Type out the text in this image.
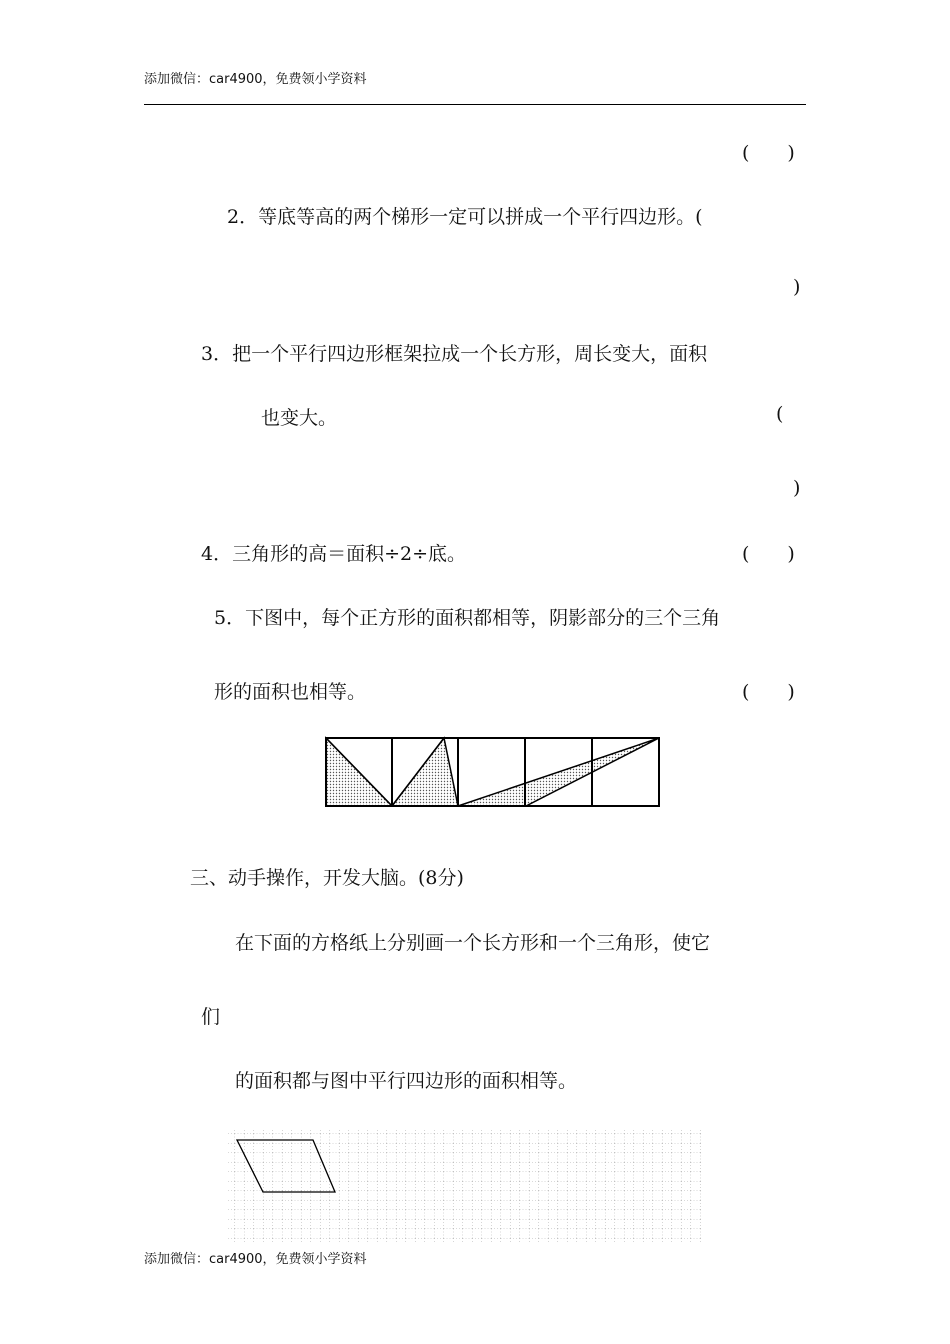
添加微信：car4900，免费领小学资料
(　　)
2．等底等高的两个梯形一定可以拼成一个平行四边形。(
)
3．把一个平行四边形框架拉成一个长方形，周长变大，面积
也变大。	(
)
4．三角形的高＝面积÷2÷底。	(　　)
5．下图中，每个正方形的面积都相等，阴影部分的三个三角
形的面积也相等。	(　　)
三、动手操作，开发大脑。(8分)
在下面的方格纸上分别画一个长方形和一个三角形，使它
们
的面积都与图中平行四边形的面积相等。
添加微信：car4900，免费领小学资料
